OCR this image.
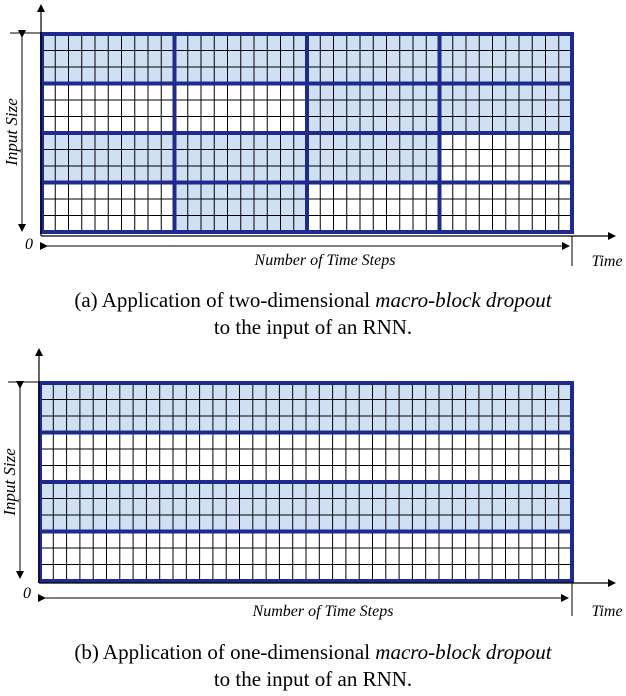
0
Input Size
Number of Time Steps	Time
0
Input Size
Number of Time Steps	Time
(a) Application of two-dimensional macro-block dropout
to the input of an RNN.
(b) Application of one-dimensional macro-block dropout
to the input of an RNN.
